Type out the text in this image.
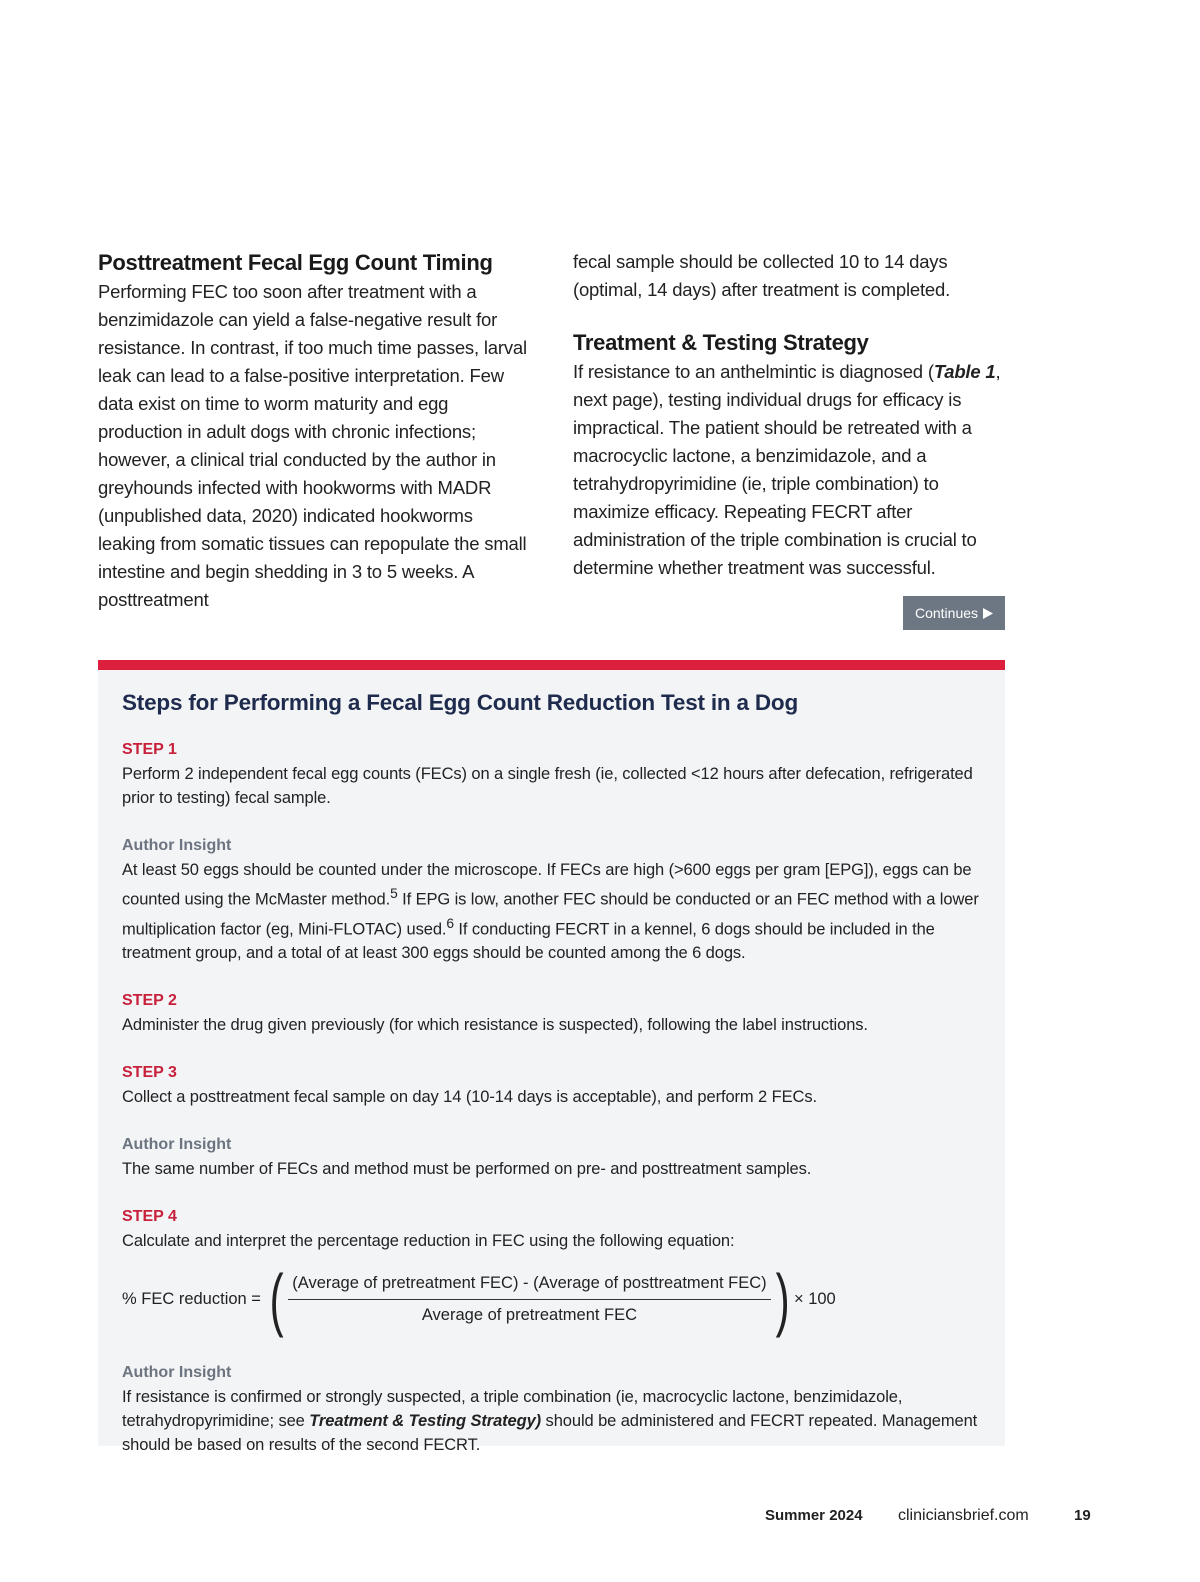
Posttreatment Fecal Egg Count Timing

Performing FEC too soon after treatment with a benzimidazole can yield a false-negative result for resistance. In contrast, if too much time passes, larval leak can lead to a false-positive interpretation. Few data exist on time to worm maturity and egg production in adult dogs with chronic infections; however, a clinical trial conducted by the author in greyhounds infected with hookworms with MADR (unpublished data, 2020) indicated hookworms leaking from somatic tissues can repopulate the small intestine and begin shedding in 3 to 5 weeks. A posttreatment

fecal sample should be collected 10 to 14 days (optimal, 14 days) after treatment is completed.

Treatment & Testing Strategy

If resistance to an anthelmintic is diagnosed (Table 1, next page), testing individual drugs for efficacy is impractical. The patient should be retreated with a macrocyclic lactone, a benzimidazole, and a tetrahydropyrimidine (ie, triple combination) to maximize efficacy. Repeating FECRT after administration of the triple combination is crucial to determine whether treatment was successful.

Continues
Steps for Performing a Fecal Egg Count Reduction Test in a Dog
STEP 1

Perform 2 independent fecal egg counts (FECs) on a single fresh (ie, collected <12 hours after defecation, refrigerated prior to testing) fecal sample.

Author Insight

At least 50 eggs should be counted under the microscope. If FECs are high (>600 eggs per gram [EPG]), eggs can be counted using the McMaster method.$^5$ If EPG is low, another FEC should be conducted or an FEC method with a lower multiplication factor (eg, Mini-FLOTAC) used.$^6$ If conducting FECRT in a kennel, 6 dogs should be included in the treatment group, and a total of at least 300 eggs should be counted among the 6 dogs.

STEP 2

Administer the drug given previously (for which resistance is suspected), following the label instructions.

STEP 3

Collect a posttreatment fecal sample on day 14 (10-14 days is acceptable), and perform 2 FECs.

Author Insight

The same number of FECs and method must be performed on pre- and posttreatment samples.

STEP 4

Calculate and interpret the percentage reduction in FEC using the following equation:

% FEC reduction = ( (Average of pretreatment FEC) - (Average of posttreatment FEC)
Average of pretreatment FEC ) × 100
Author Insight

If resistance is confirmed or strongly suspected, a triple combination (ie, macrocyclic lactone, benzimidazole, tetrahydropyrimidine; see Treatment & Testing Strategy) should be administered and FECRT repeated. Management should be based on results of the second FECRT.

Summer 2024 cliniciansbrief.com	19
